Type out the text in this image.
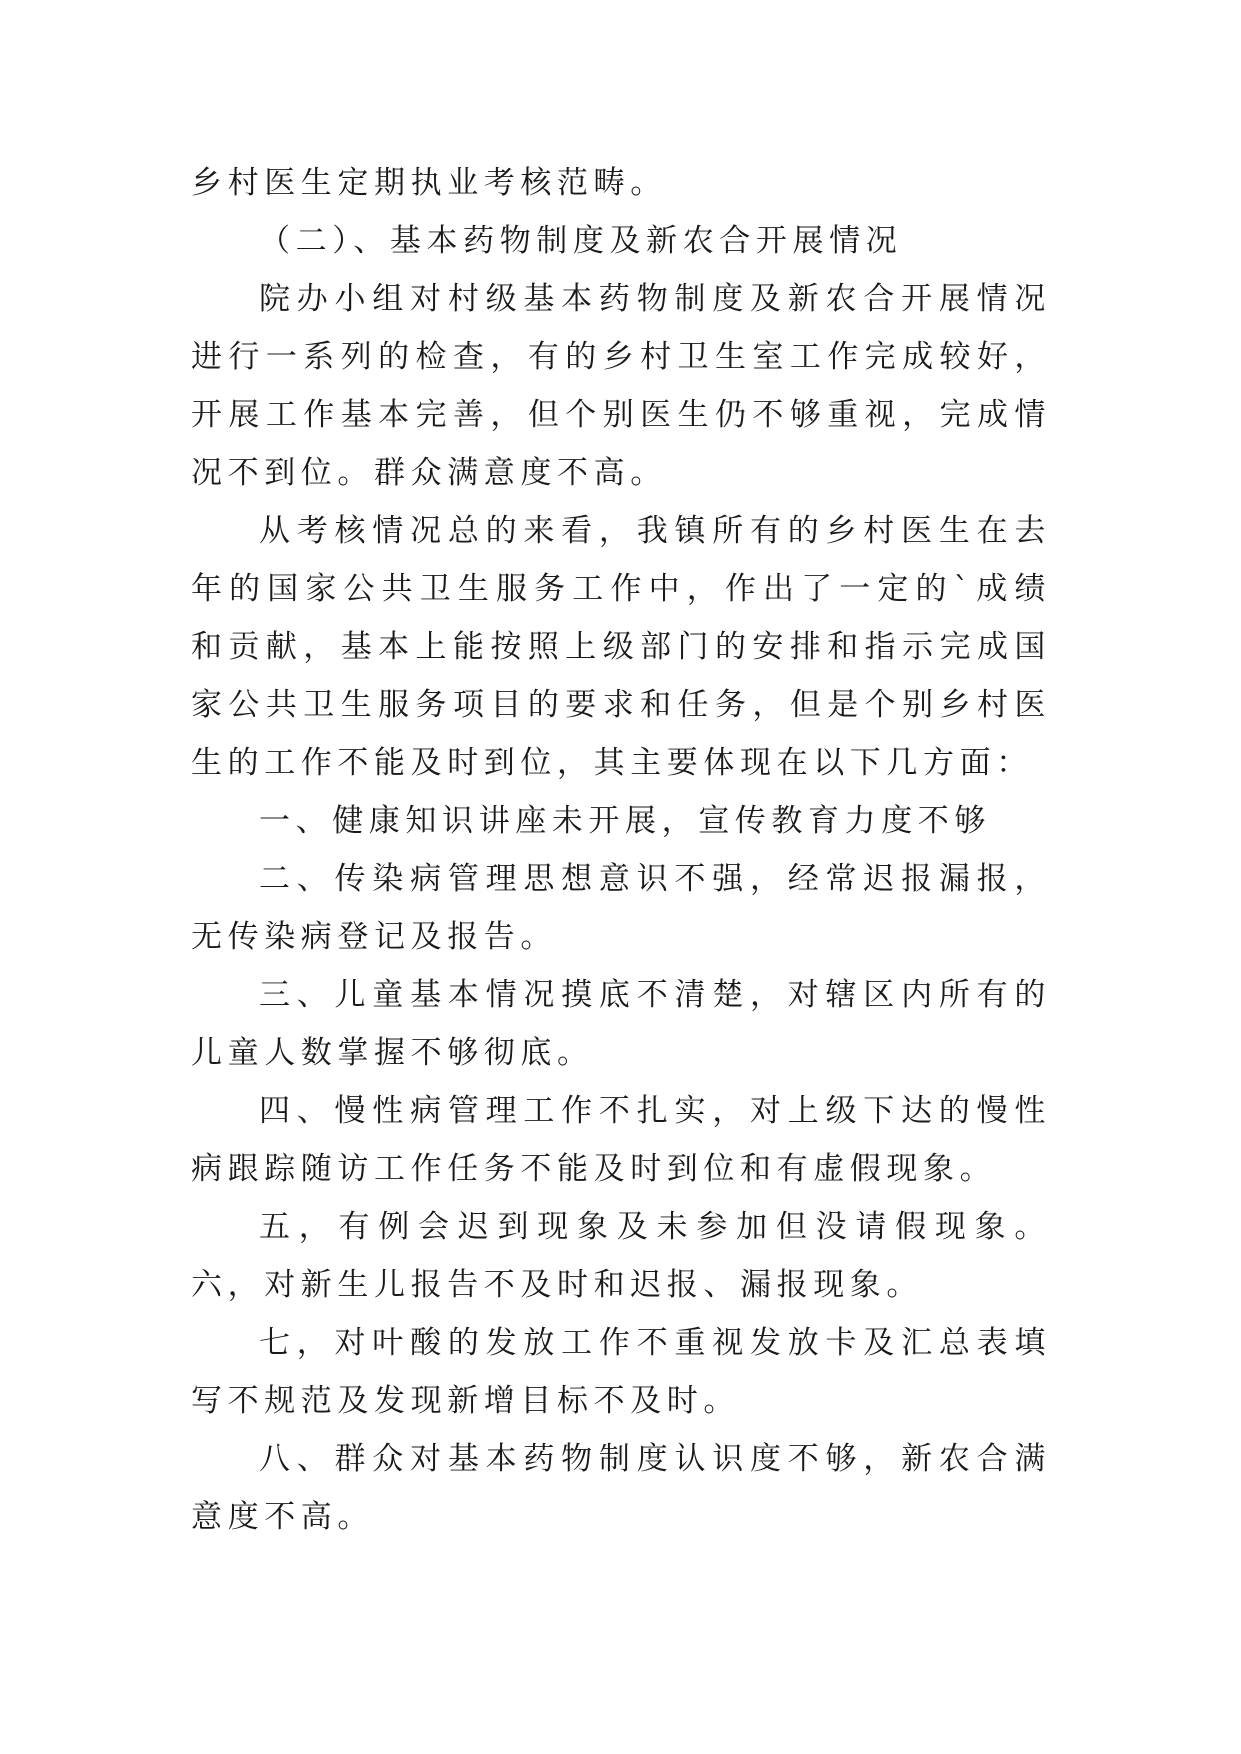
乡村医生定期执业考核范畴。

（二）、基本药物制度及新农合开展情况

院办小组对村级基本药物制度及新农合开展情况进行一系列的检查，有的乡村卫生室工作完成较好，开展工作基本完善，但个别医生仍不够重视，完成情况不到位。群众满意度不高。

从考核情况总的来看，我镇所有的乡村医生在去年的国家公共卫生服务工作中，作出了一定的`成绩和贡献，基本上能按照上级部门的安排和指示完成国家公共卫生服务项目的要求和任务，但是个别乡村医生的工作不能及时到位，其主要体现在以下几方面：

一、健康知识讲座未开展，宣传教育力度不够

二、传染病管理思想意识不强，经常迟报漏报，无传染病登记及报告。

三、儿童基本情况摸底不清楚，对辖区内所有的儿童人数掌握不够彻底。

四、慢性病管理工作不扎实，对上级下达的慢性病跟踪随访工作任务不能及时到位和有虚假现象。

五，有例会迟到现象及未参加但没请假现象。六，对新生儿报告不及时和迟报、漏报现象。

七，对叶酸的发放工作不重视发放卡及汇总表填写不规范及发现新增目标不及时。

八、群众对基本药物制度认识度不够，新农合满意度不高。
